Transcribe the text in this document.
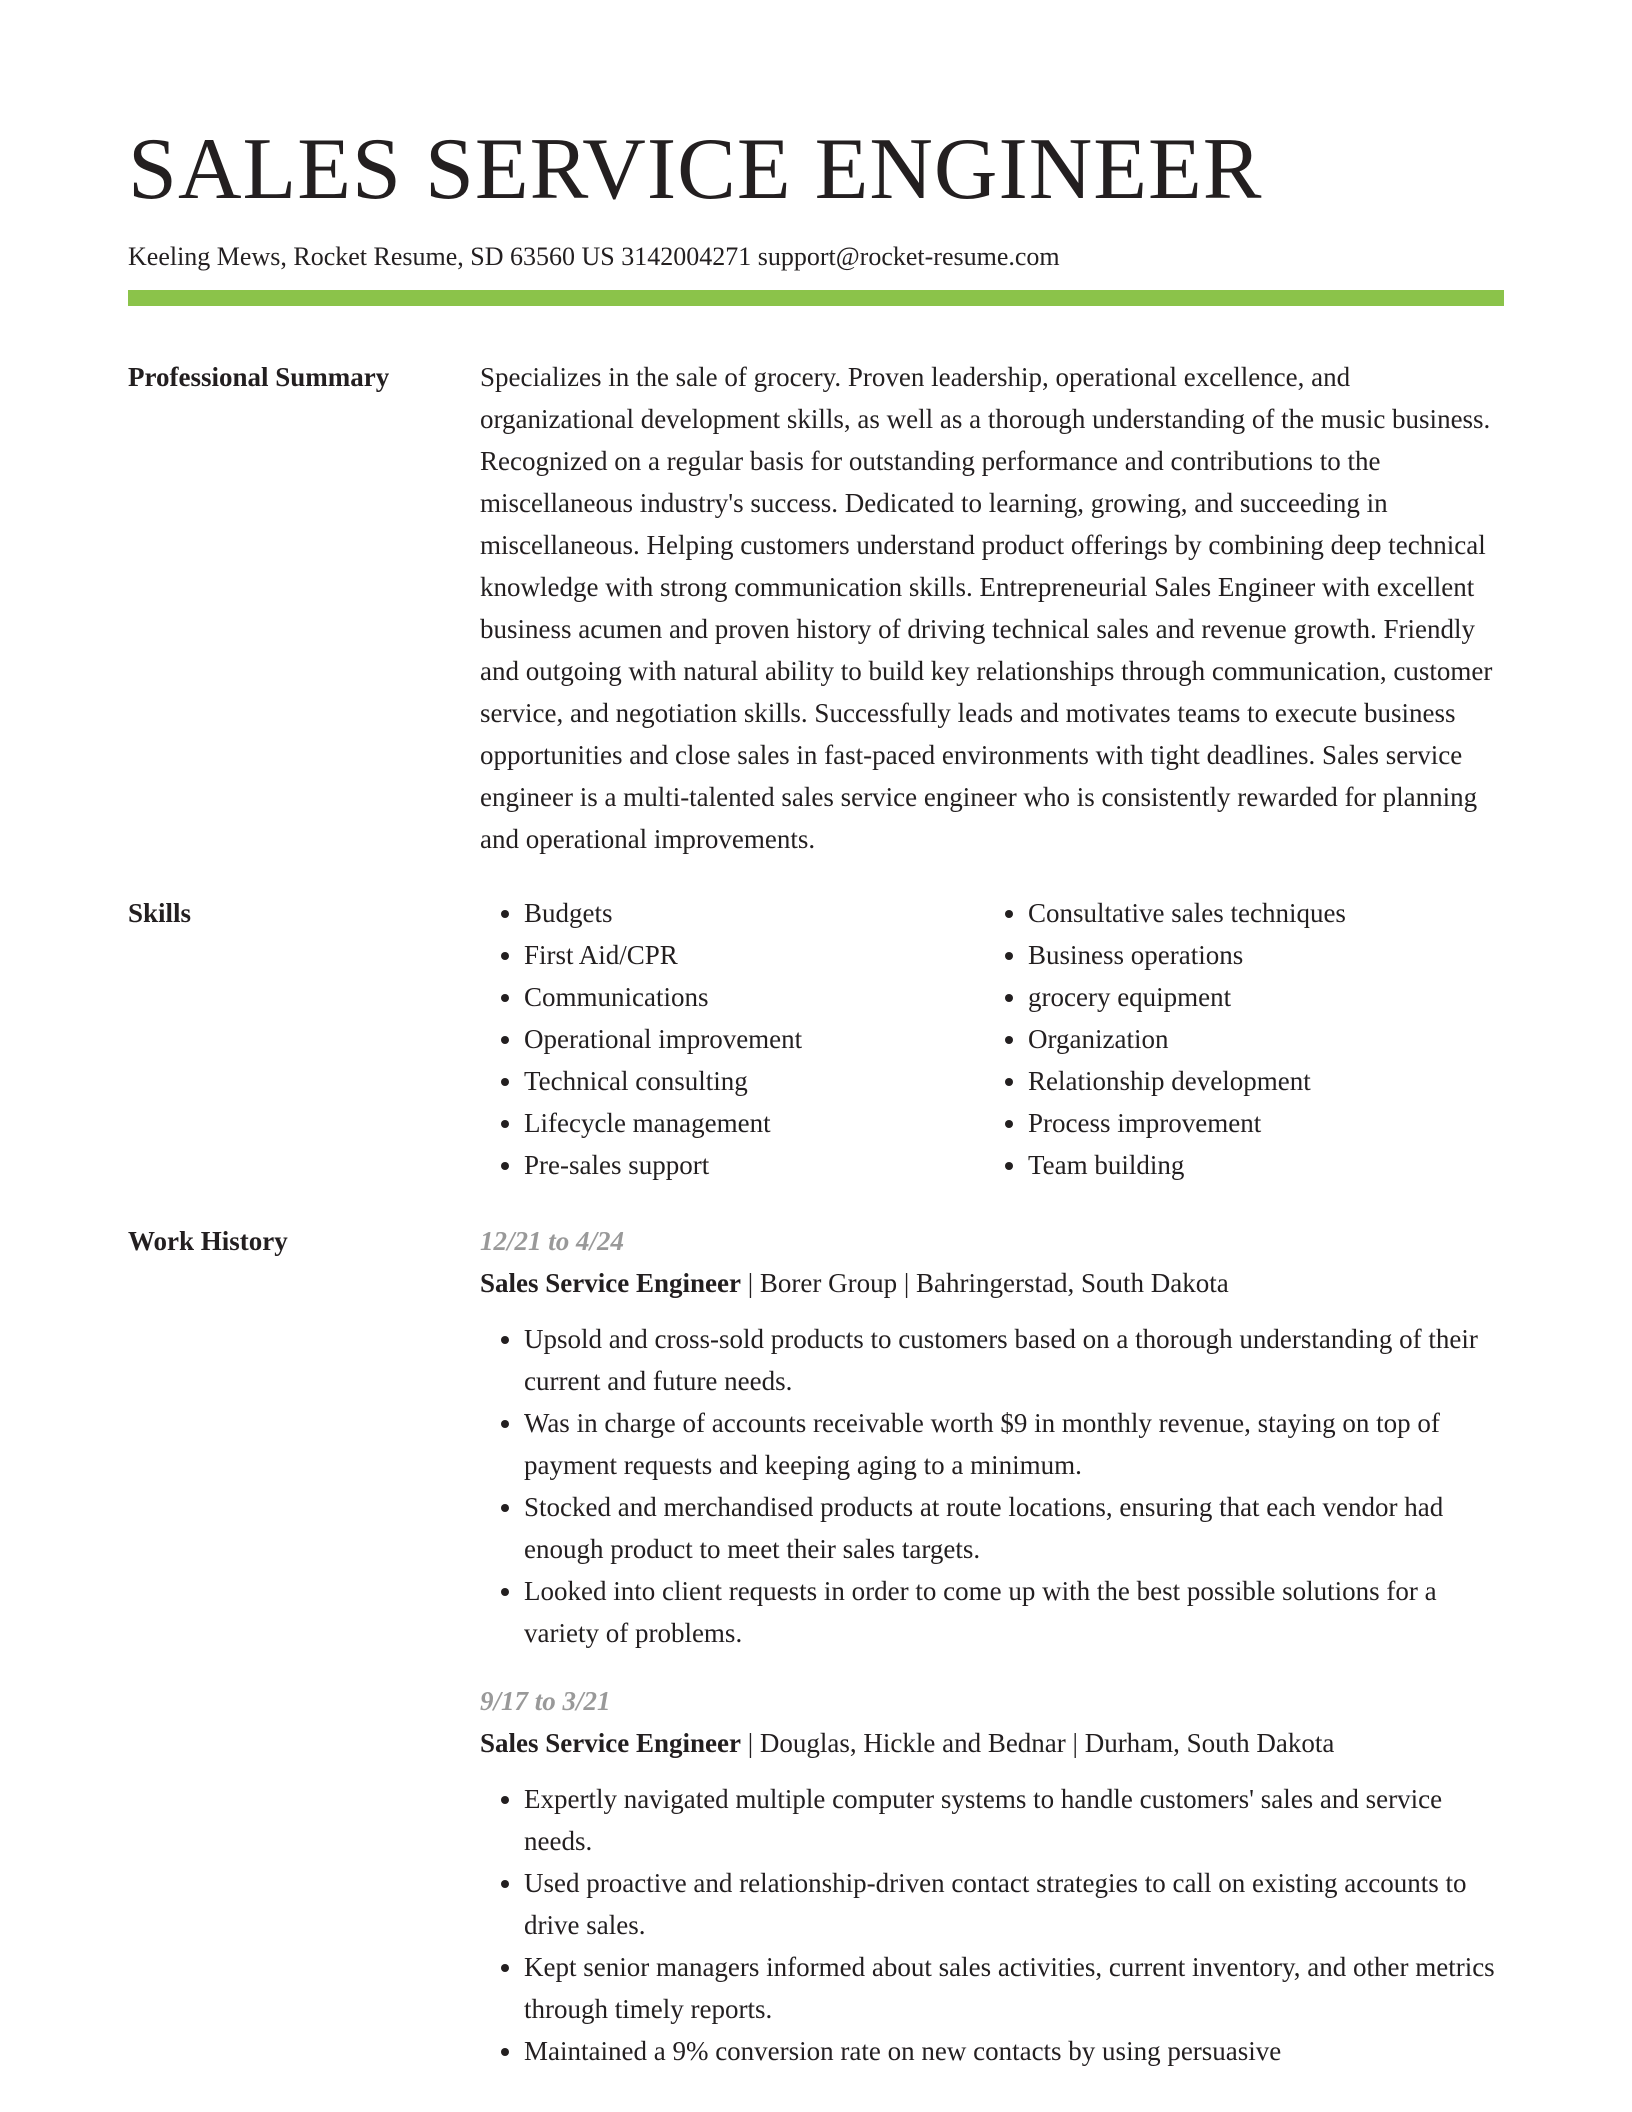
SALES SERVICE ENGINEER
Keeling Mews, Rocket Resume, SD 63560 US 3142004271 support@rocket-resume.com
Professional Summary	Specializes in the sale of grocery. Proven leadership, operational excellence, and organizational development skills, as well as a thorough understanding of the music business. Recognized on a regular basis for outstanding performance and contributions to the miscellaneous industry's success. Dedicated to learning, growing, and succeeding in miscellaneous. Helping customers understand product offerings by combining deep technical knowledge with strong communication skills. Entrepreneurial Sales Engineer with excellent business acumen and proven history of driving technical sales and revenue growth. Friendly and outgoing with natural ability to build key relationships through communication, customer service, and negotiation skills. Successfully leads and motivates teams to execute business opportunities and close sales in fast-paced environments with tight deadlines. Sales service engineer is a multi-talented sales service engineer who is consistently rewarded for planning and operational improvements.
Skills
•	Budgets
• First Aid/CPR
• Communications
• Operational improvement
• Technical consulting
• Lifecycle management
• Pre-sales support
• Consultative sales techniques
• Business operations
• grocery equipment
• Organization
• Relationship development
• Process improvement
• Team building
Work History	12/21 to 4/24
Sales Service Engineer | Borer Group | Bahringerstad, South Dakota
• Upsold and cross-sold products to customers based on a thorough understanding of their current and future needs.
• Was in charge of accounts receivable worth $9 in monthly revenue, staying on top of payment requests and keeping aging to a minimum.
• Stocked and merchandised products at route locations, ensuring that each vendor had enough product to meet their sales targets.
• Looked into client requests in order to come up with the best possible solutions for a variety of problems.
9/17 to 3/21
Sales Service Engineer | Douglas, Hickle and Bednar | Durham, South Dakota
• Expertly navigated multiple computer systems to handle customers' sales and service needs.
• Used proactive and relationship-driven contact strategies to call on existing accounts to drive sales.
• Kept senior managers informed about sales activities, current inventory, and other metrics through timely reports.
• Maintained a 9% conversion rate on new contacts by using persuasive
